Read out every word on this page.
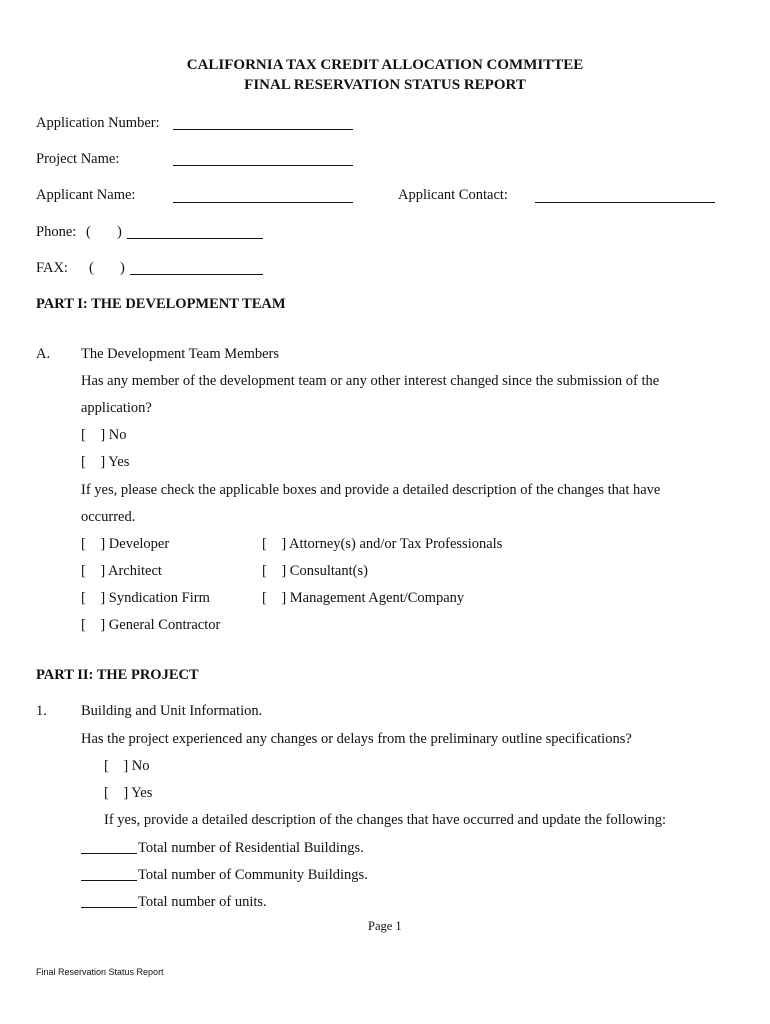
CALIFORNIA TAX CREDIT ALLOCATION COMMITTEE
FINAL RESERVATION STATUS REPORT
Application Number:
Project Name:
Applicant Name:	Applicant Contact:
Phone: ( )
FAX: ( )
PART I: THE DEVELOPMENT TEAM
A. The Development Team Members
Has any member of the development team or any other interest changed since the submission of the
application?
[    ] No
[    ] Yes
If yes, please check the applicable boxes and provide a detailed description of the changes that have
occurred.
[    ] Developer
[    ] Architect
[    ] Syndication Firm
[    ] General Contractor
[    ] Attorney(s) and/or Tax Professionals
[    ] Consultant(s)
[    ] Management Agent/Company
PART II: THE PROJECT
1. Building and Unit Information.
Has the project experienced any changes or delays from the preliminary outline specifications?
[    ] No
[    ] Yes
If yes, provide a detailed description of the changes that have occurred and update the following:
Total number of Residential Buildings.
Total number of Community Buildings.
Total number of units.
Page 1
Final Reservation Status Report
